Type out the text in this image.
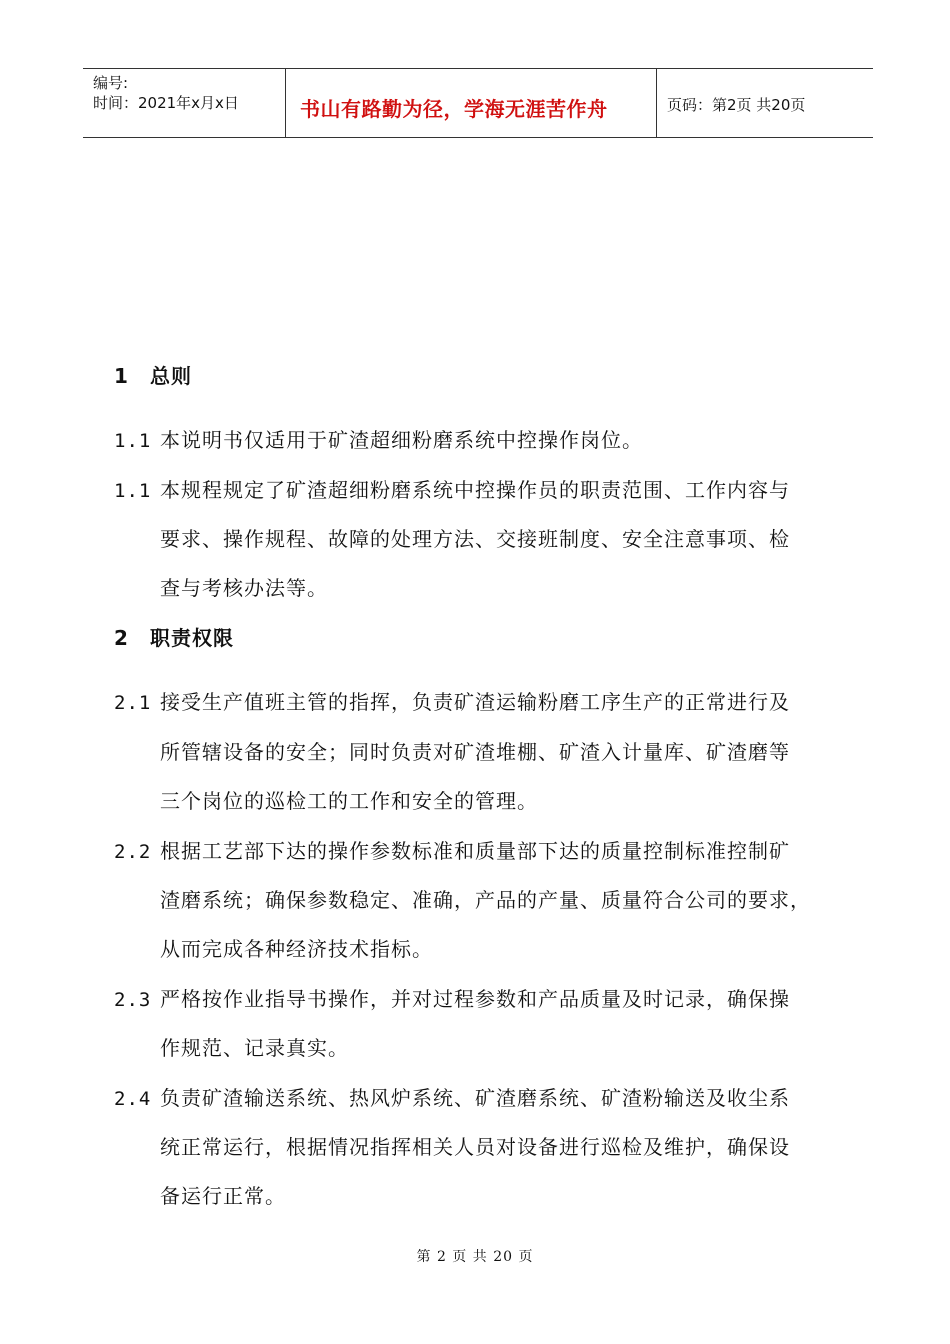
编号:
时间：2021年x月x日	书山有路勤为径，学海无涯苦作舟	页码：第2页 共20页
1 总则
1.1 本说明书仅适用于矿渣超细粉磨系统中控操作岗位。
1.1 本规程规定了矿渣超细粉磨系统中控操作员的职责范围、工作内容与
要求、操作规程、故障的处理方法、交接班制度、安全注意事项、检
查与考核办法等。
2 职责权限
2.1 接受生产值班主管的指挥，负责矿渣运输粉磨工序生产的正常进行及
所管辖设备的安全；同时负责对矿渣堆棚、矿渣入计量库、矿渣磨等
三个岗位的巡检工的工作和安全的管理。
2.2 根据工艺部下达的操作参数标准和质量部下达的质量控制标准控制矿
渣磨系统；确保参数稳定、准确，产品的产量、质量符合公司的要求，
从而完成各种经济技术指标。
2.3 严格按作业指导书操作，并对过程参数和产品质量及时记录，确保操
作规范、记录真实。
2.4 负责矿渣输送系统、热风炉系统、矿渣磨系统、矿渣粉输送及收尘系
统正常运行，根据情况指挥相关人员对设备进行巡检及维护，确保设
备运行正常。
第 2 页 共 20 页
